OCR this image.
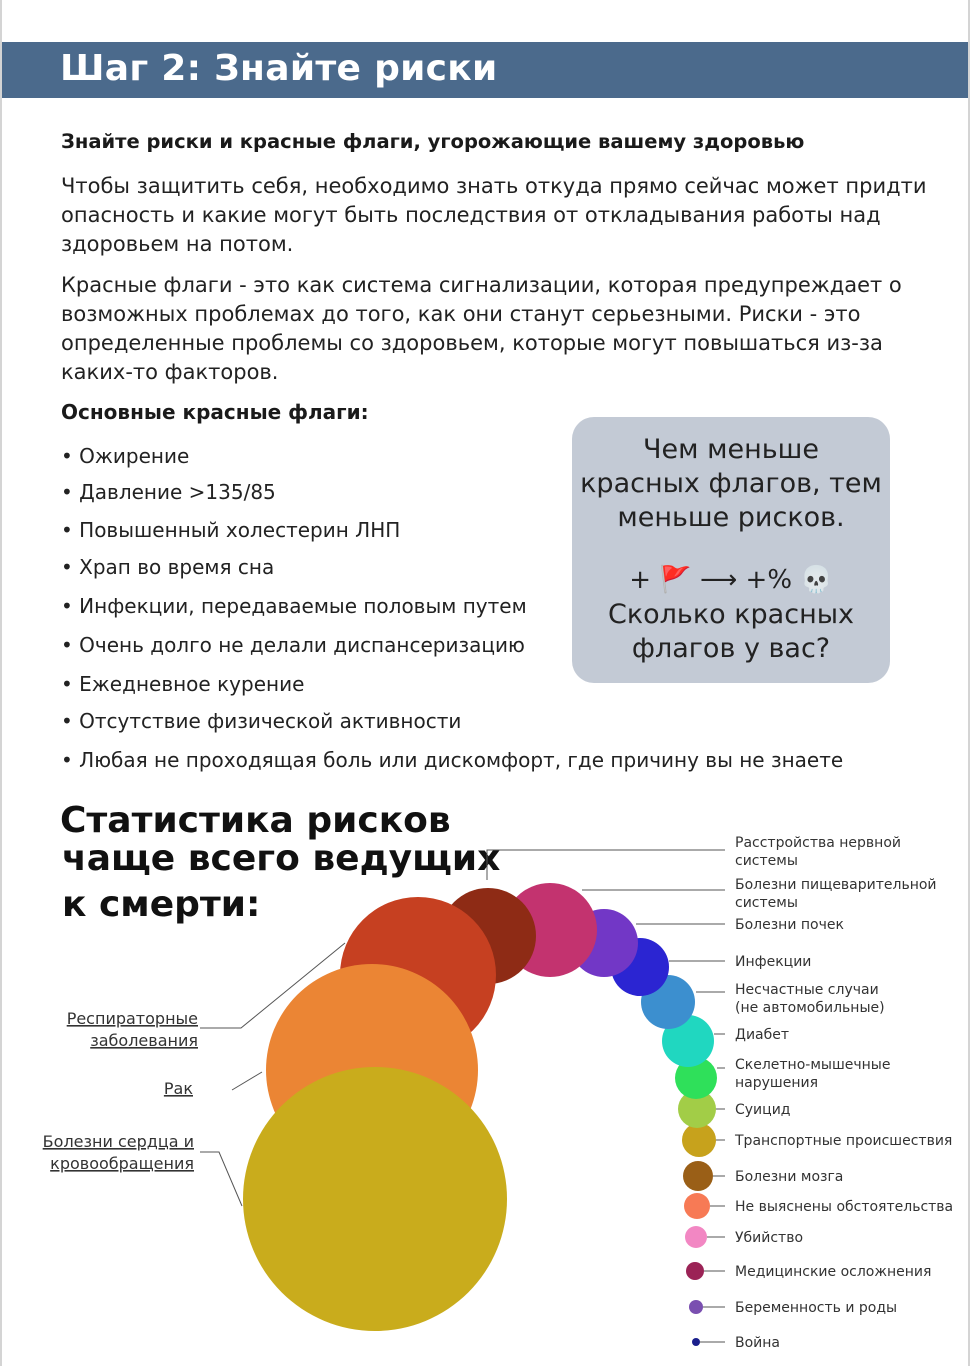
Шаг 2: Знайте риски
Знайте риски и красные флаги, угорожающие вашему здоровью
Чтобы защитить себя, необходимо знать откуда прямо сейчас может придти опасность и какие могут быть последствия от откладывания работы над здоровьем на потом.
Красные флаги - это как система сигнализации, которая предупреждает о возможных проблемах до того, как они станут серьезными. Риски - это определенные проблемы со здоровьем, которые могут повышаться из-за каких-то факторов.
Основные красные флаги:
• Ожирение
• Давление >135/85
• Повышенный холестерин ЛНП
• Храп во время сна
• Инфекции, передаваемые половым путем
• Очень долго не делали диспансеризацию
• Ежедневное курение
• Отсутствие физической активности
• Любая не проходящая боль или дискомфорт, где причину вы не знаете
Чем меньше
красных флагов, тем
меньше рисков.
+ 🚩 ⟶ +% 💀
Сколько красных
флагов у вас?
Статистика рисков
чаще всего ведущих
к смерти:
Болезни сердца и
кровообращения
Рак
Респираторные
заболевания
Расстройства нервной
системы
Болезни пищеварительной
системы
Болезни почек
Инфекции
Несчастные случаи
(не автомобильные)
Диабет
Скелетно-мышечные
нарушения
Суицид
Транспортные происшествия
Болезни мозга
Не выяснены обстоятельства
Убийство
Медицинские осложнения
Беременность и роды
Война
